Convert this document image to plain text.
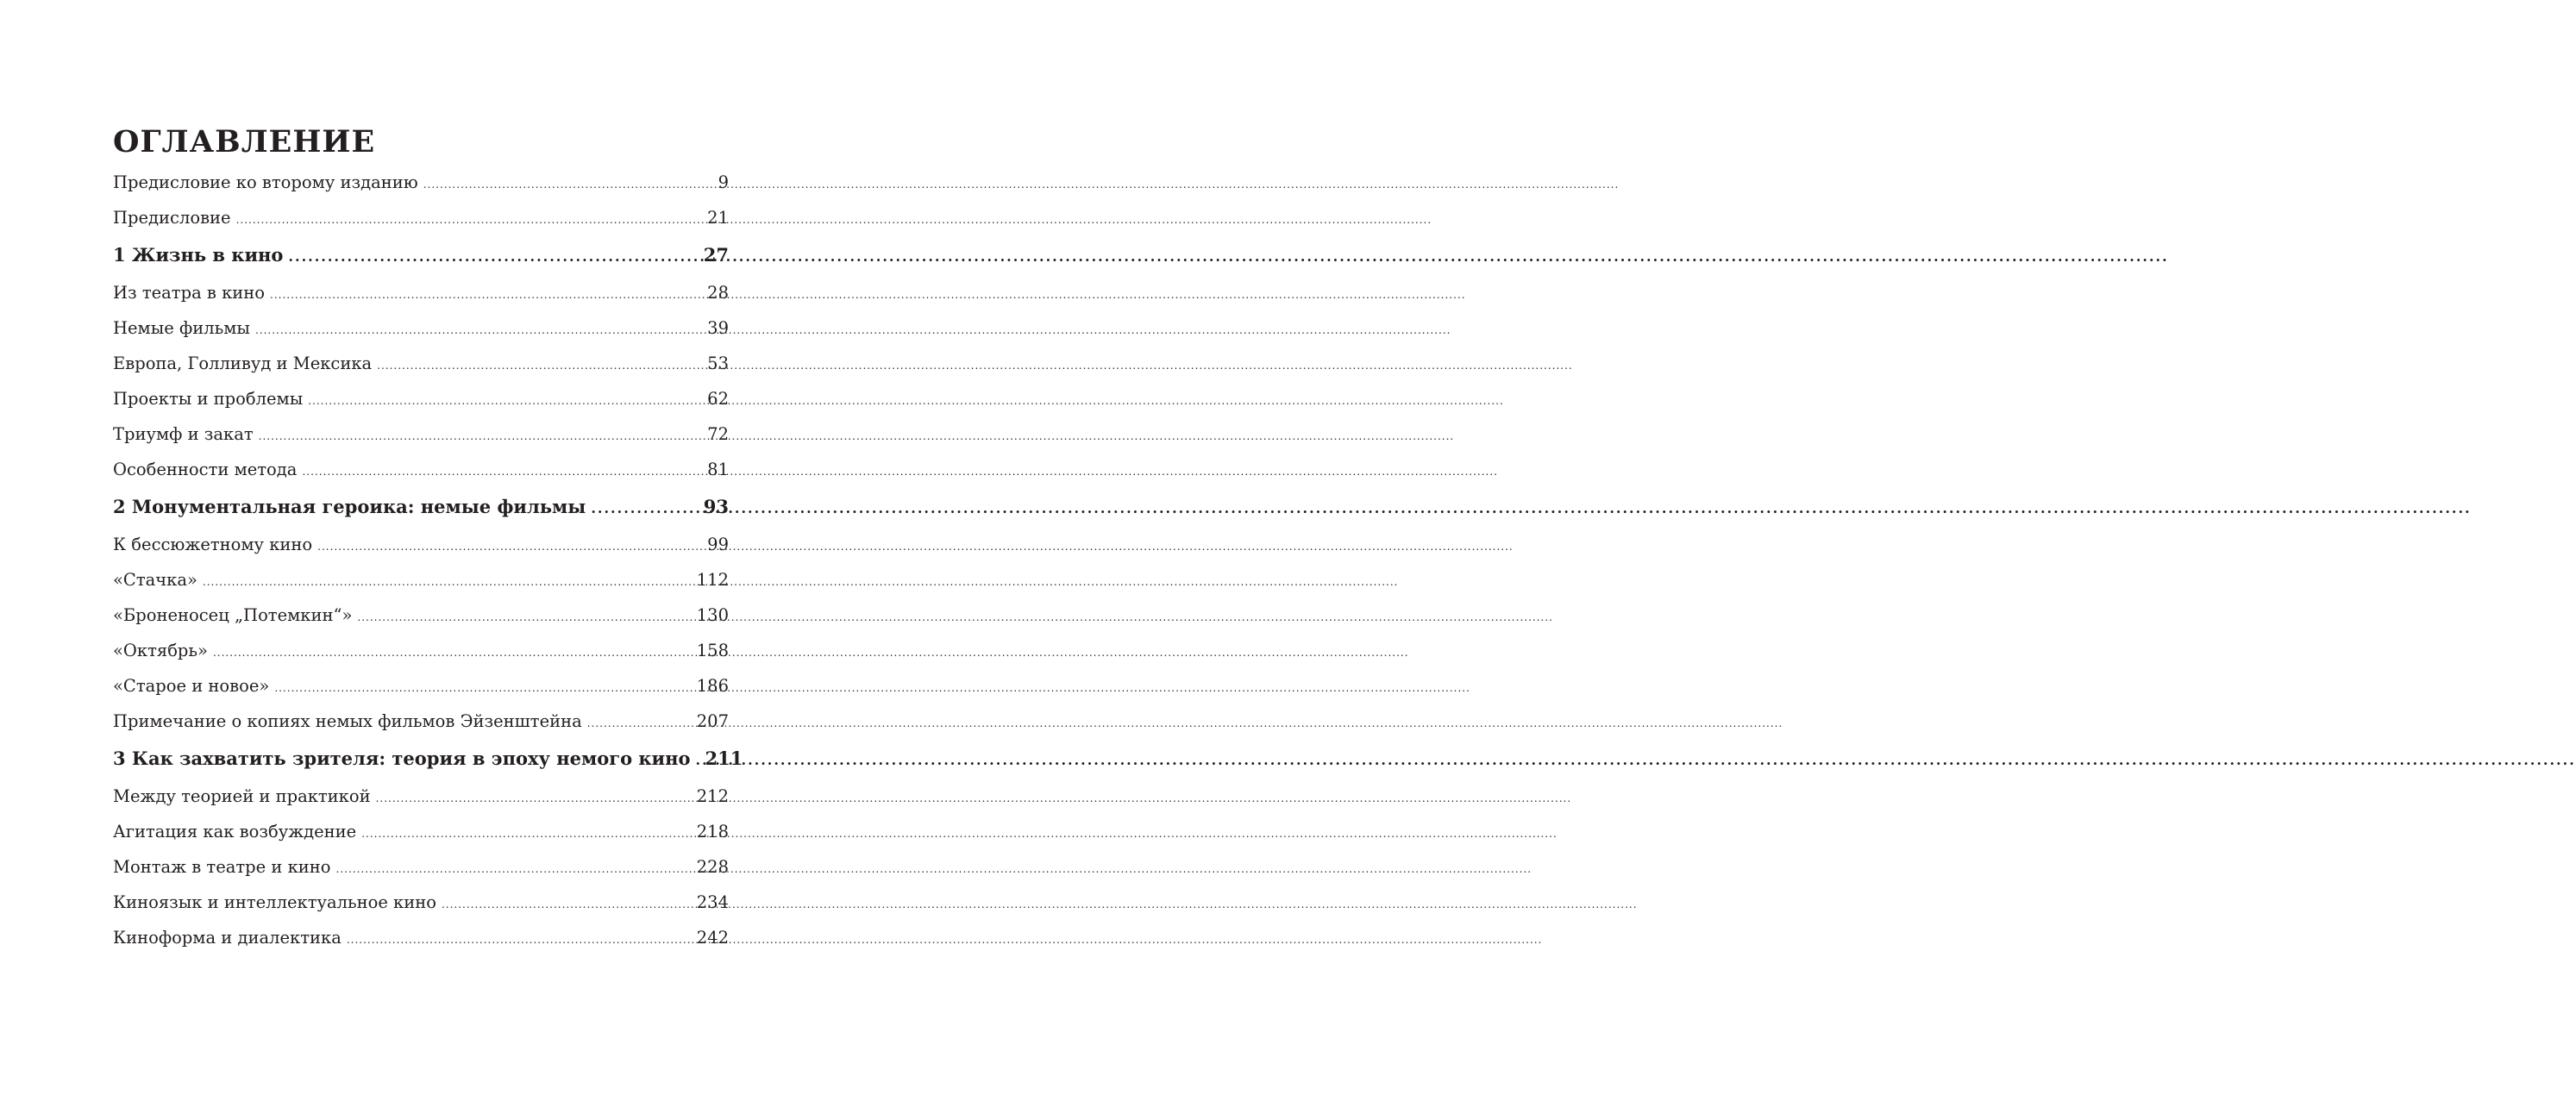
ОГЛАВЛЕНИЕ
Предисловие ко второму изданию .....	9
Предисловие .....	21
1 Жизнь в кино .....	27
Из театра в кино .....	28
Немые фильмы .....	39
Европа, Голливуд и Мексика .....	53
Проекты и проблемы .....	62
Триумф и закат .....	72
Особенности метода .....	81
2 Монументальная героика: немые фильмы .....	93
К бессюжетному кино .....	99
«Стачка» .....	112
«Броненосец „Потемкин“» .....	130
«Октябрь» .....	158
«Старое и новое» .....	186
Примечание о копиях немых фильмов Эйзенштейна .....	207
3 Как захватить зрителя: теория в эпоху немого кино ..... 211
Между теорией и практикой .....	212
Агитация как возбуждение .....	218
Монтаж в театре и кино .....	228
Киноязык и интеллектуальное кино .....	234
Киноформа и диалектика .....	242
